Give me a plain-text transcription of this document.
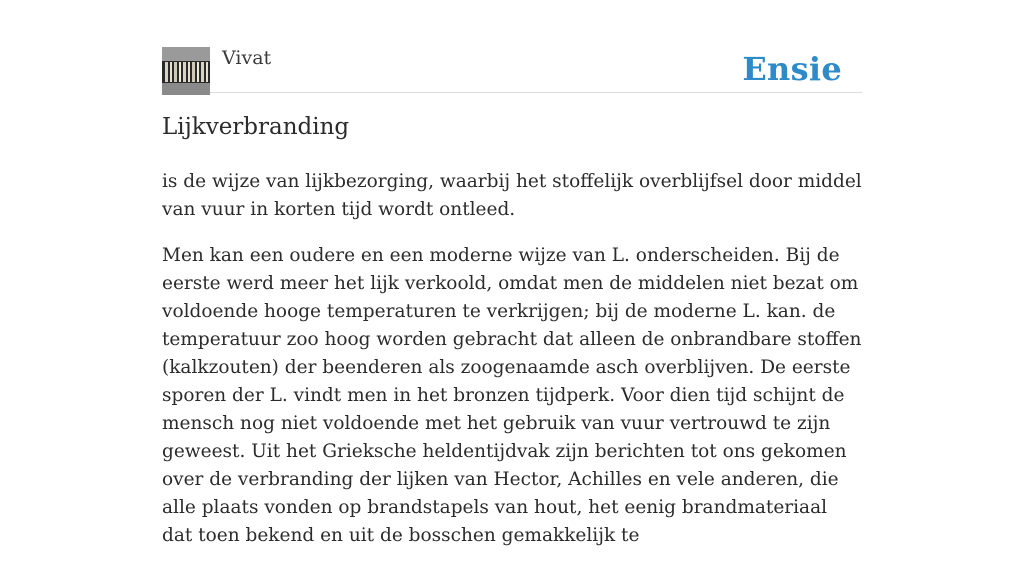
Vivat	Ensie
Lijkverbranding

is de wijze van lijkbezorging, waarbij het stoffelijk overblijfsel door middel van vuur in korten tijd wordt ontleed.

Men kan een oudere en een moderne wijze van L. onderscheiden. Bij de eerste werd meer het lijk verkoold, omdat men de middelen niet bezat om voldoende hooge temperaturen te verkrijgen; bij de moderne L. kan. de temperatuur zoo hoog worden gebracht dat alleen de onbrandbare stoffen (kalkzouten) der beenderen als zoogenaamde asch overblijven. De eerste sporen der L. vindt men in het bronzen tijdperk. Voor dien tijd schijnt de mensch nog niet voldoende met het gebruik van vuur vertrouwd te zijn geweest. Uit het Grieksche heldentijdvak zijn berichten tot ons gekomen over de verbranding der lijken van Hector, Achilles en vele anderen, die alle plaats vonden op brandstapels van hout, het eenig brandmateriaal dat toen bekend en uit de bosschen gemakkelijk te
